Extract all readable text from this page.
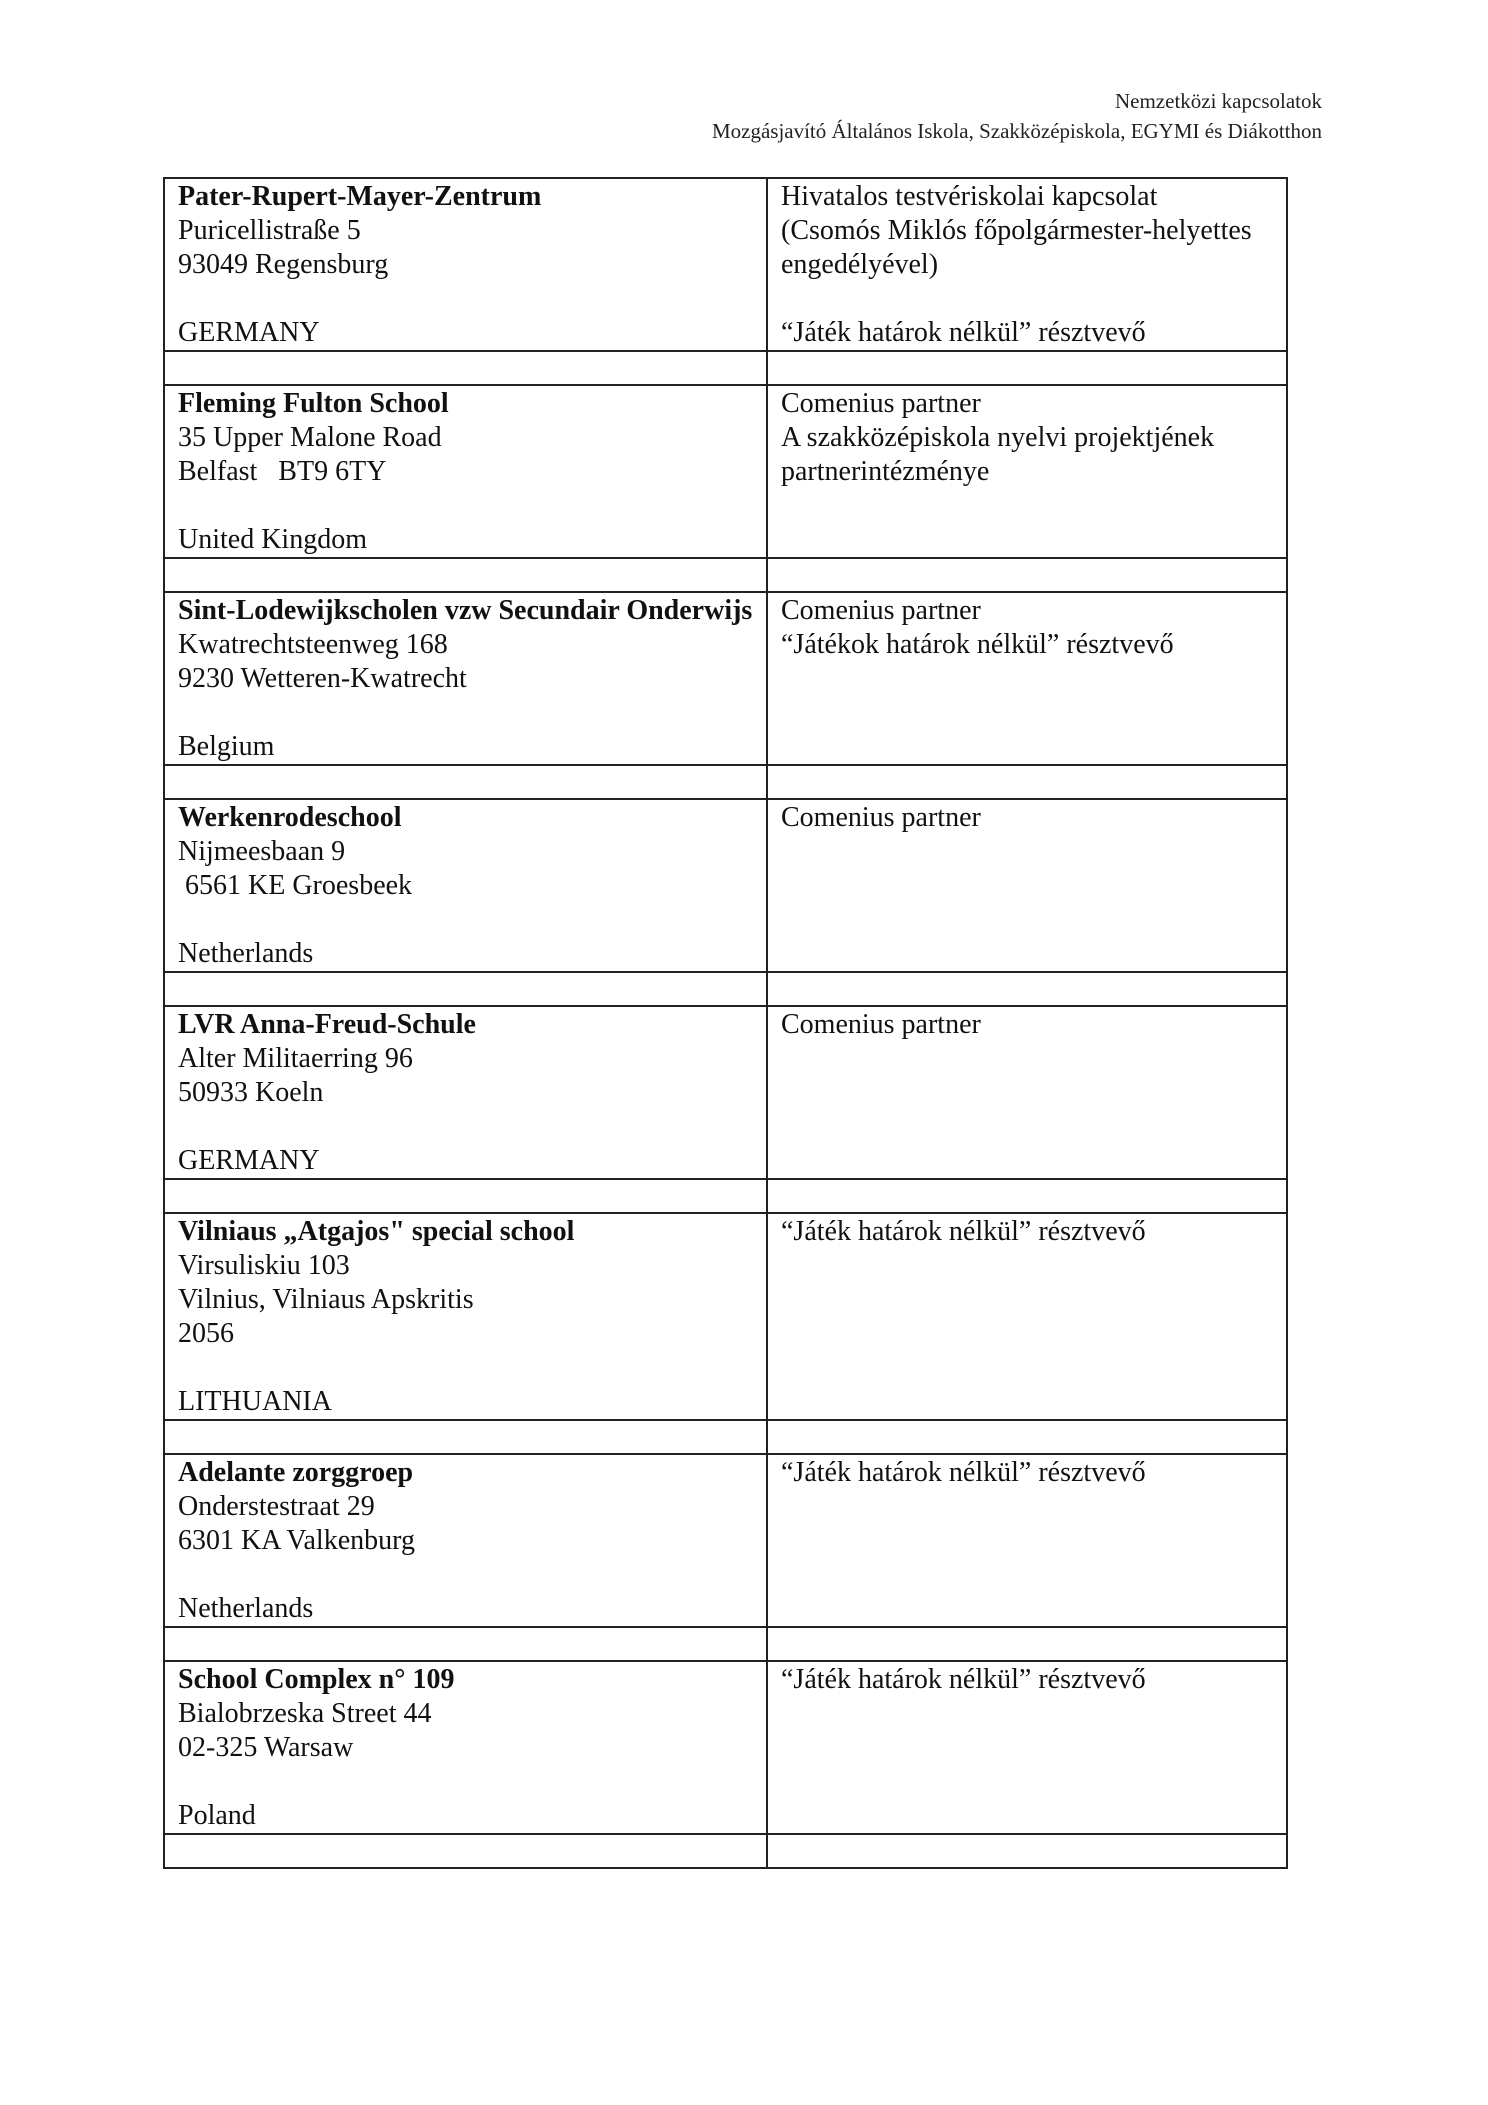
Nemzetközi kapcsolatok
Mozgásjavító Általános Iskola, Szakközépiskola, EGYMI és Diákotthon
Pater-Rupert-Mayer-Zentrum
Puricellistraße 5
93049 Regensburg
GERMANY	Hivatalos testvériskolai kapcsolat
(Csomós Miklós főpolgármester-helyettes
engedélyével)
“Játék határok nélkül” résztvevő

Fleming Fulton School
35 Upper Malone Road
Belfast   BT9 6TY
United Kingdom	Comenius partner
A szakközépiskola nyelvi projektjének
partnerintézménye

Sint-Lodewijkscholen vzw Secundair Onderwijs
Kwatrechtsteenweg 168
9230 Wetteren-Kwatrecht
Belgium	Comenius partner
“Játékok határok nélkül” résztvevő

Werkenrodeschool
Nijmeesbaan 9
6561 KE Groesbeek
Netherlands	Comenius partner

LVR Anna-Freud-Schule
Alter Militaerring 96
50933 Koeln
GERMANY	Comenius partner

Vilniaus „Atgajos" special school
Virsuliskiu 103
Vilnius, Vilniaus Apskritis
2056
LITHUANIA	“Játék határok nélkül” résztvevő

Adelante zorggroep
Onderstestraat 29
6301 KA Valkenburg
Netherlands	“Játék határok nélkül” résztvevő

School Complex n° 109
Bialobrzeska Street 44
02-325 Warsaw
Poland	“Játék határok nélkül” résztvevő
